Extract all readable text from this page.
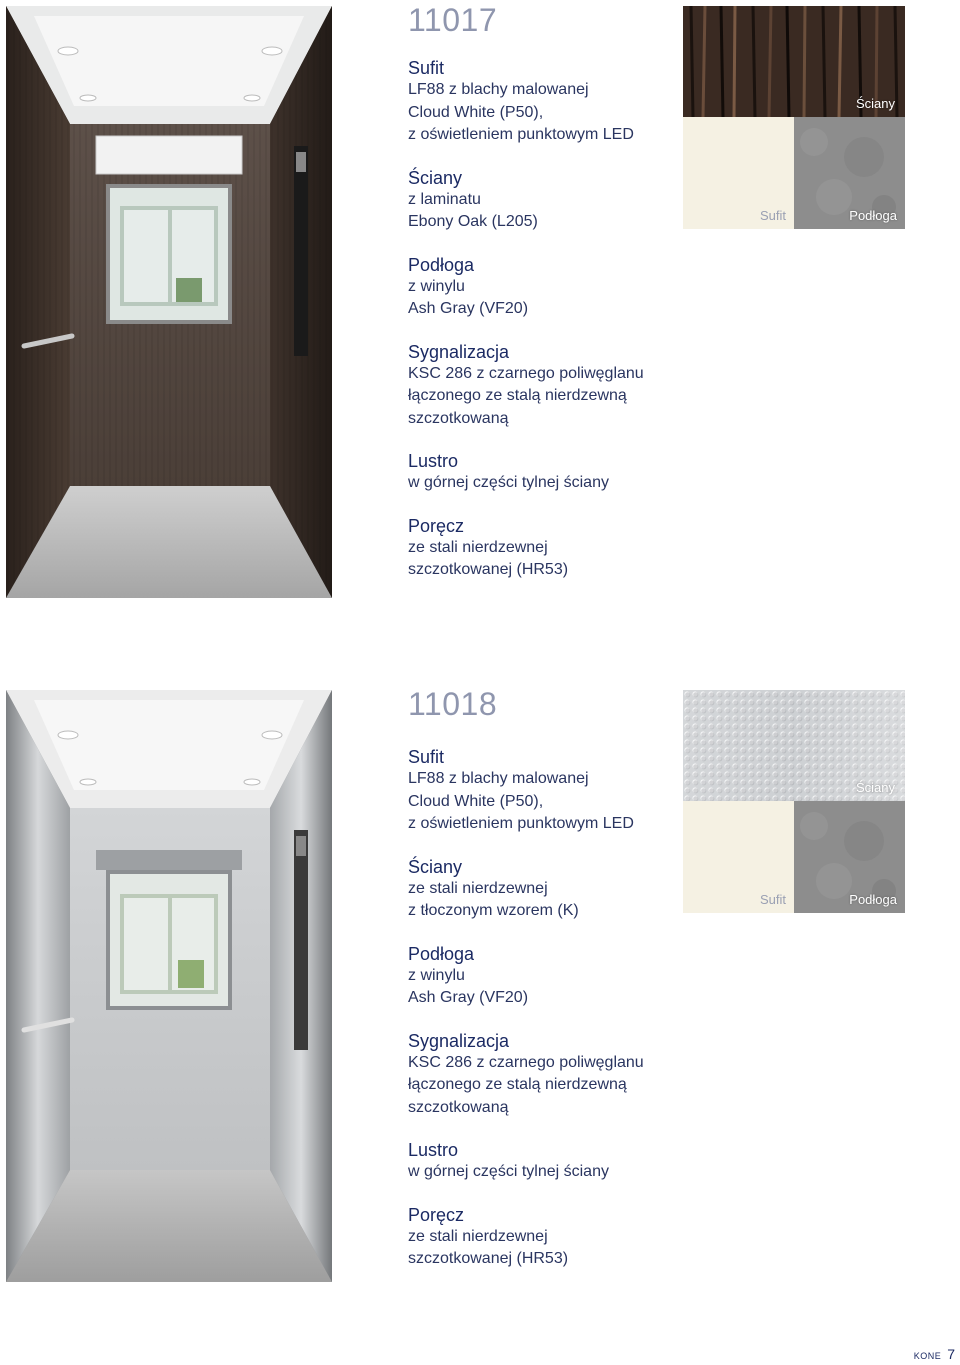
11017

Sufit

LF88 z blachy malowanej

Cloud White (P50),

z oświetleniem punktowym LED

Ściany

z laminatu

Ebony Oak (L205)

Podłoga

z winylu

Ash Gray (VF20)

Sygnalizacja

KSC 286 z czarnego poliwęglanu

łączonego ze stalą nierdzewną

szczotkowaną

Lustro

w górnej części tylnej ściany

Poręcz

ze stali nierdzewnej

szczotkowanej (HR53)

Ściany
Sufit	Podłoga
11018

Sufit

LF88 z blachy malowanej

Cloud White (P50),

z oświetleniem punktowym LED

Ściany

ze stali nierdzewnej

z tłoczonym wzorem (K)

Podłoga

z winylu

Ash Gray (VF20)

Sygnalizacja

KSC 286 z czarnego poliwęglanu

łączonego ze stalą nierdzewną

szczotkowaną

Lustro

w górnej części tylnej ściany

Poręcz

ze stali nierdzewnej

szczotkowanej (HR53)

Ściany
Sufit	Podłoga
KONE 7
